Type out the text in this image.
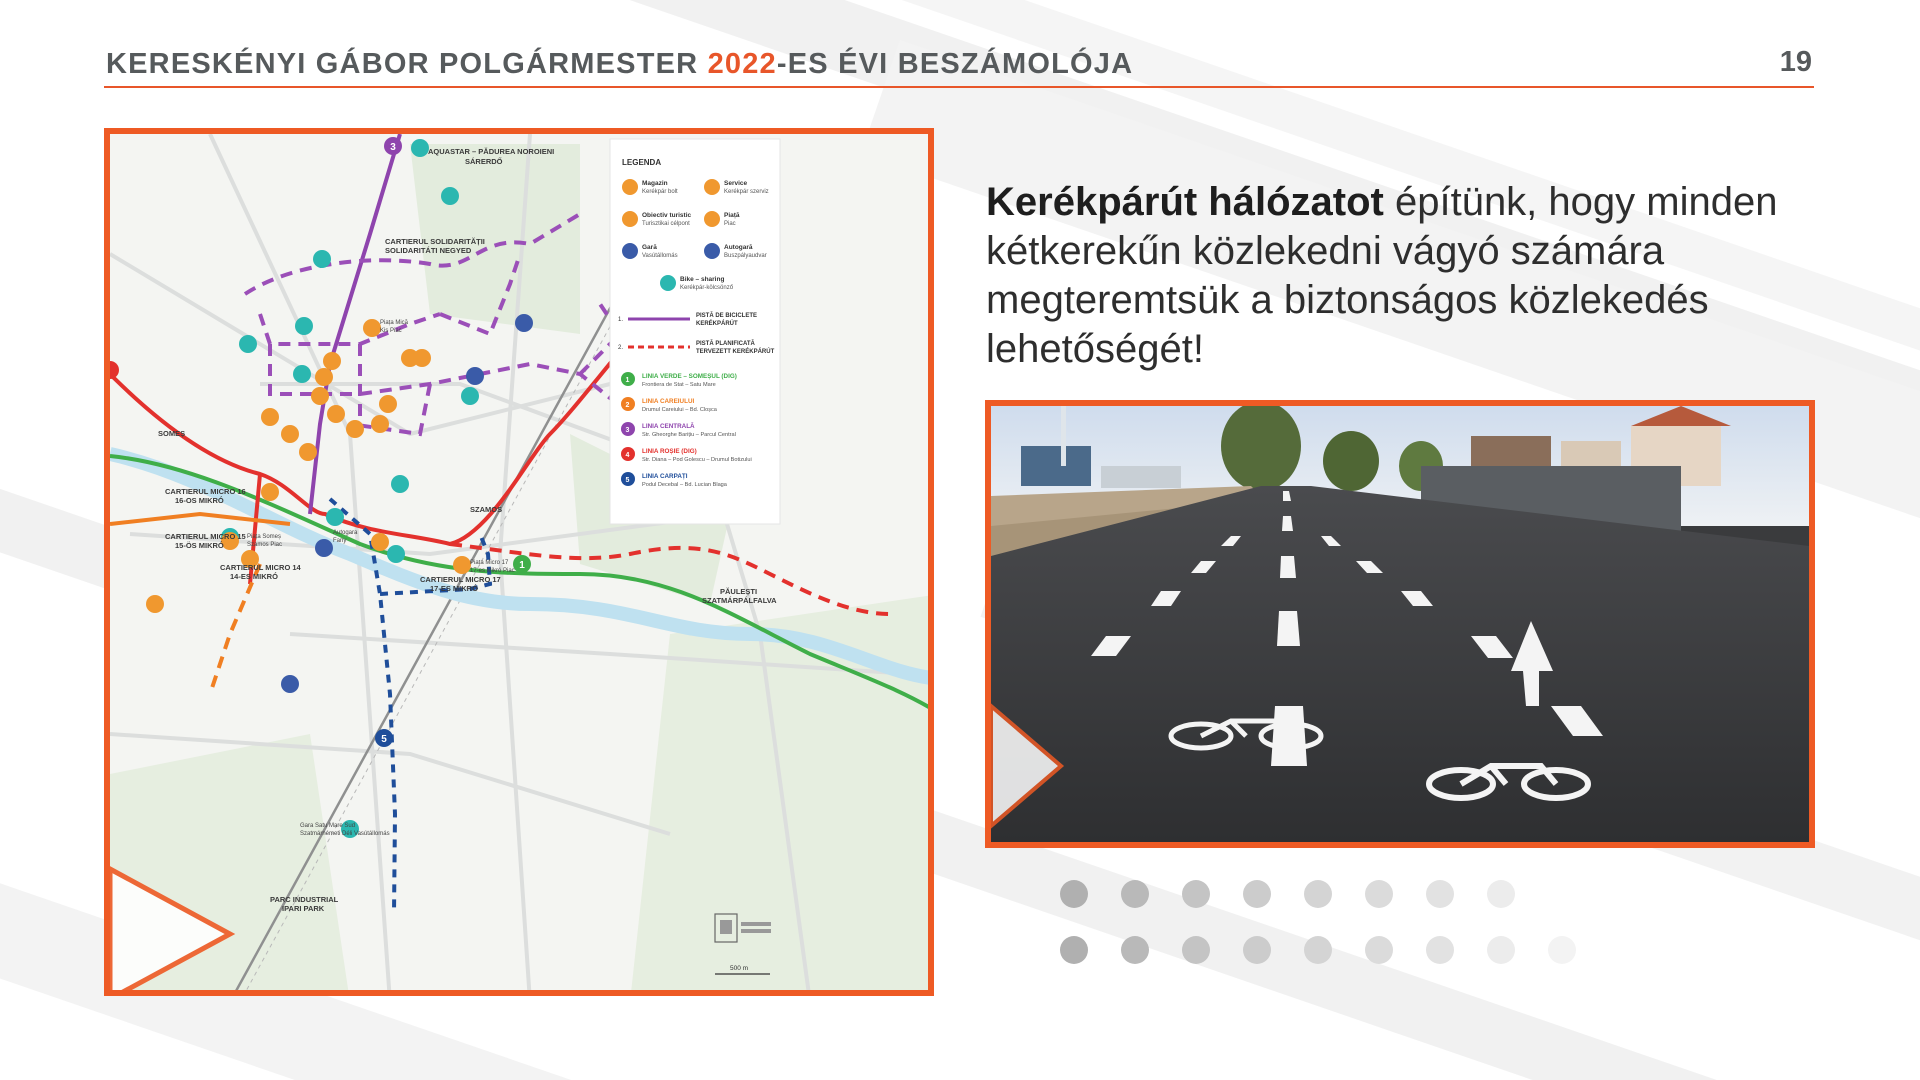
KERESKÉNYI GÁBOR POLGÁRMESTER 2022-ES ÉVI BESZÁMOLÓJA	19
3
1
5
AQUASTAR – PĂDUREA NOROIENI
SÁRERDŐ
CARTIERUL SOLIDARITĂȚII
SOLIDARITÁTI NEGYED
CARTIERUL MICRO 16
16-OS MIKRÓ
CARTIERUL MICRO 15
15-ÖS MIKRÓ
CARTIERUL MICRO 14
14-ES MIKRÓ	CARTIERUL MICRO 17
17-ES MIKRÓ	PĂULEȘTI
SZATMÁRPÁLFALVA
PARC INDUSTRIAL
IPARI PARK
SZAMOS
SOMEȘ
Piața Mică
Kis Piac
Autogara
Fany
Piața Someș
Szamos Piac
Piața Micro 17
17-es Mikró Piac
Gara Satu Mare Sud
Szatmárnémeti Déli Vasútállomás
500 m
LEGENDA
Magazin
Kerékpár bolt
Service
Kerékpár szerviz
Obiectiv turistic
Turisztikai célpont
Piață
Piac
Gară
Vasútállomás
Autogară
Buszpályaudvar
Bike – sharing
Kerékpár-kölcsönző
1.
PISTĂ DE BICICLETE
KERÉKPÁRÚT
2.
PISTĂ PLANIFICATĂ
TERVEZETT KERÉKPÁRÚT
1
LINIA VERDE – SOMEȘUL (DIG)
Frontiera de Stat – Satu Mare
2
LINIA CAREIULUI
Drumul Careiului – Bd. Cloșca
3
LINIA CENTRALĂ
Str. Gheorghe Barițiu – Parcul Central
4
LINIA ROȘIE (DIG)
Str. Diana – Pod Golescu – Drumul Botizului
5
LINIA CARPAȚI
Podul Decebal – Bd. Lucian Blaga
Kerékpárút hálózatot építünk, hogy minden kétkerekűn közlekedni vágyó számára megteremtsük a biztonságos közlekedés lehetőségét!
